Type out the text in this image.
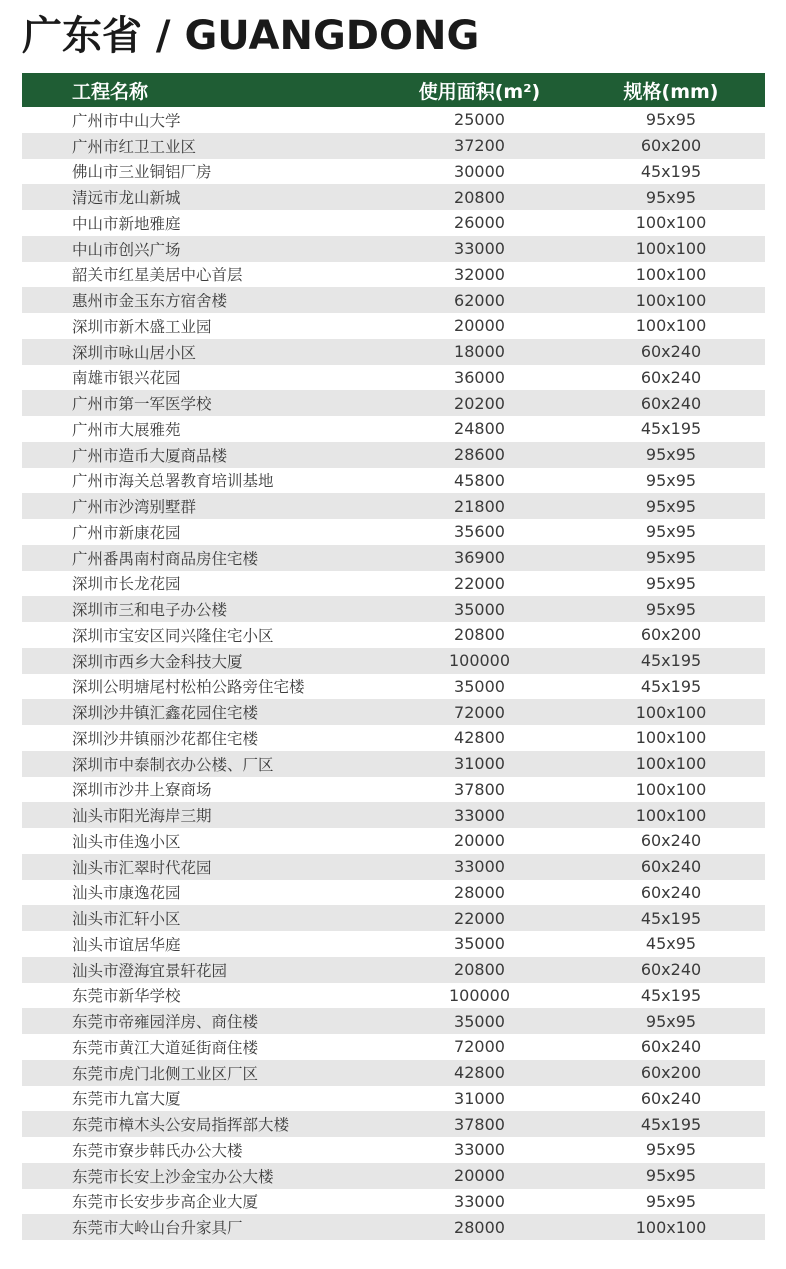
广东省 / GUANGDONG
工程名称	使用面积(m²)	规格(mm)
广州市中山大学	25000	95x95
广州市红卫工业区	37200	60x200
佛山市三业铜铝厂房	30000	45x195
清远市龙山新城	20800	95x95
中山市新地雅庭	26000	100x100
中山市创兴广场	33000	100x100
韶关市红星美居中心首层	32000	100x100
惠州市金玉东方宿舍楼	62000	100x100
深圳市新木盛工业园	20000	100x100
深圳市咏山居小区	18000	60x240
南雄市银兴花园	36000	60x240
广州市第一军医学校	20200	60x240
广州市大展雅苑	24800	45x195
广州市造币大厦商品楼	28600	95x95
广州市海关总署教育培训基地	45800	95x95
广州市沙湾别墅群	21800	95x95
广州市新康花园	35600	95x95
广州番禺南村商品房住宅楼	36900	95x95
深圳市长龙花园	22000	95x95
深圳市三和电子办公楼	35000	95x95
深圳市宝安区同兴隆住宅小区	20800	60x200
深圳市西乡大金科技大厦	100000	45x195
深圳公明塘尾村松柏公路旁住宅楼	35000	45x195
深圳沙井镇汇鑫花园住宅楼	72000	100x100
深圳沙井镇丽沙花都住宅楼	42800	100x100
深圳市中泰制衣办公楼、厂区	31000	100x100
深圳市沙井上寮商场	37800	100x100
汕头市阳光海岸三期	33000	100x100
汕头市佳逸小区	20000	60x240
汕头市汇翠时代花园	33000	60x240
汕头市康逸花园	28000	60x240
汕头市汇轩小区	22000	45x195
汕头市谊居华庭	35000	45x95
汕头市澄海宜景轩花园	20800	60x240
东莞市新华学校	100000	45x195
东莞市帝雍园洋房、商住楼	35000	95x95
东莞市黄江大道延街商住楼	72000	60x240
东莞市虎门北侧工业区厂区	42800	60x200
东莞市九富大厦	31000	60x240
东莞市樟木头公安局指挥部大楼	37800	45x195
东莞市寮步韩氏办公大楼	33000	95x95
东莞市长安上沙金宝办公大楼	20000	95x95
东莞市长安步步高企业大厦	33000	95x95
东莞市大岭山台升家具厂	28000	100x100
